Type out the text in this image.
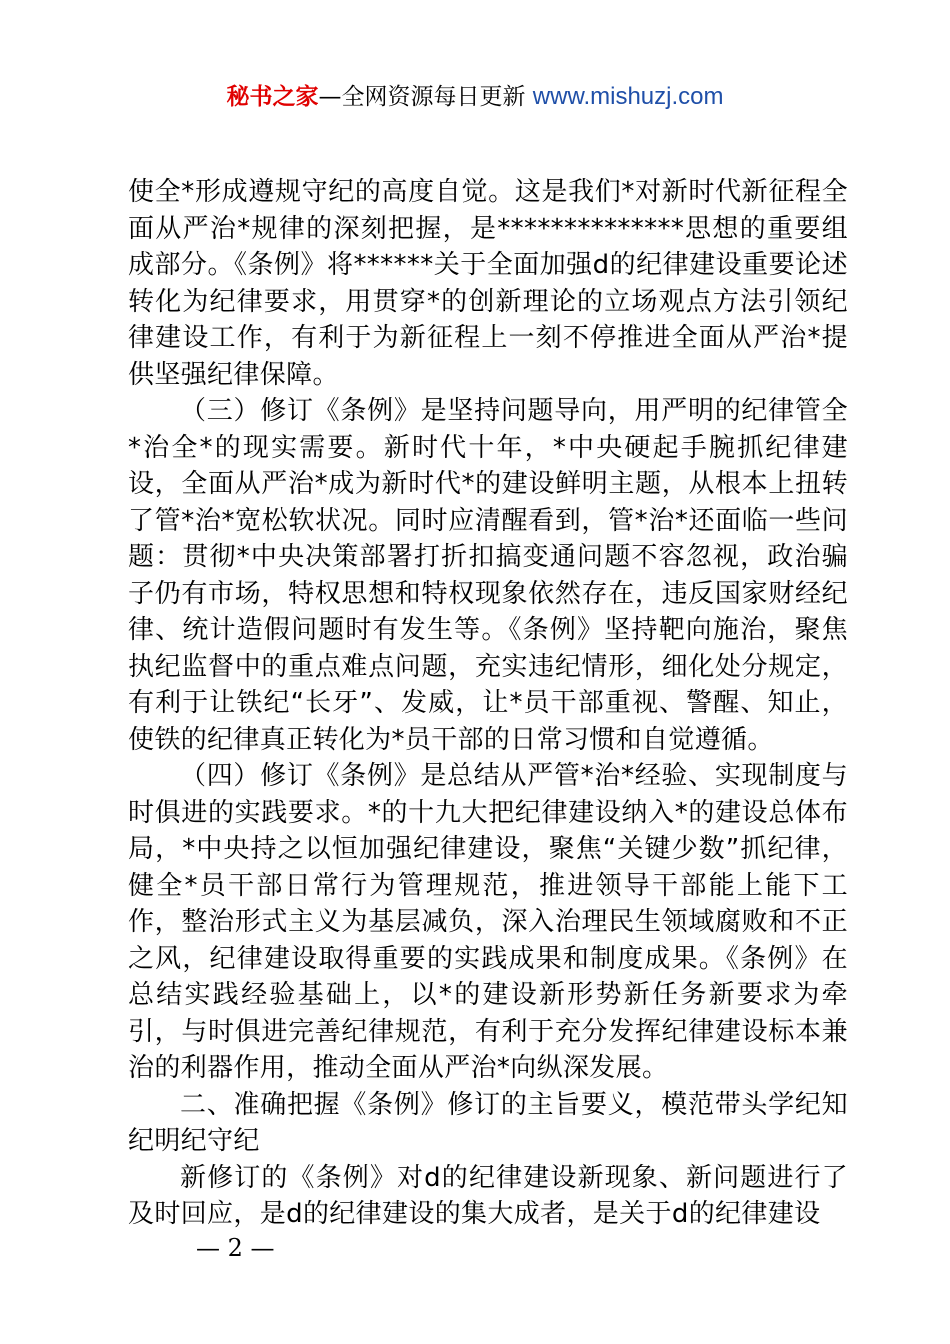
秘书之家—全网资源每日更新 www.mishuzj.com

使全*形成遵规守纪的高度自觉。这是我们*对新时代新征程全面从严治*规律的深刻把握，是**************思想的重要组成部分。《条例》将******关于全面加强d的纪律建设重要论述转化为纪律要求，用贯穿*的创新理论的立场观点方法引领纪律建设工作，有利于为新征程上一刻不停推进全面从严治*提供坚强纪律保障。

（三）修订《条例》是坚持问题导向，用严明的纪律管全*治全*的现实需要。新时代十年，*中央硬起手腕抓纪律建设，全面从严治*成为新时代*的建设鲜明主题，从根本上扭转了管*治*宽松软状况。同时应清醒看到，管*治*还面临一些问题：贯彻*中央决策部署打折扣搞变通问题不容忽视，政治骗子仍有市场，特权思想和特权现象依然存在，违反国家财经纪律、统计造假问题时有发生等。《条例》坚持靶向施治，聚焦执纪监督中的重点难点问题，充实违纪情形，细化处分规定，有利于让铁纪“长牙”、发威，让*员干部重视、警醒、知止，使铁的纪律真正转化为*员干部的日常习惯和自觉遵循。

（四）修订《条例》是总结从严管*治*经验、实现制度与时俱进的实践要求。*的十九大把纪律建设纳入*的建设总体布局，*中央持之以恒加强纪律建设，聚焦“关键少数”抓纪律，健全*员干部日常行为管理规范，推进领导干部能上能下工作，整治形式主义为基层减负，深入治理民生领域腐败和不正之风，纪律建设取得重要的实践成果和制度成果。《条例》在总结实践经验基础上，以*的建设新形势新任务新要求为牵引，与时俱进完善纪律规范，有利于充分发挥纪律建设标本兼治的利器作用，推动全面从严治*向纵深发展。

二、准确把握《条例》修订的主旨要义，模范带头学纪知纪明纪守纪

新修订的《条例》对d的纪律建设新现象、新问题进行了及时回应，是d的纪律建设的集大成者，是关于d的纪律建设

— 2 —
